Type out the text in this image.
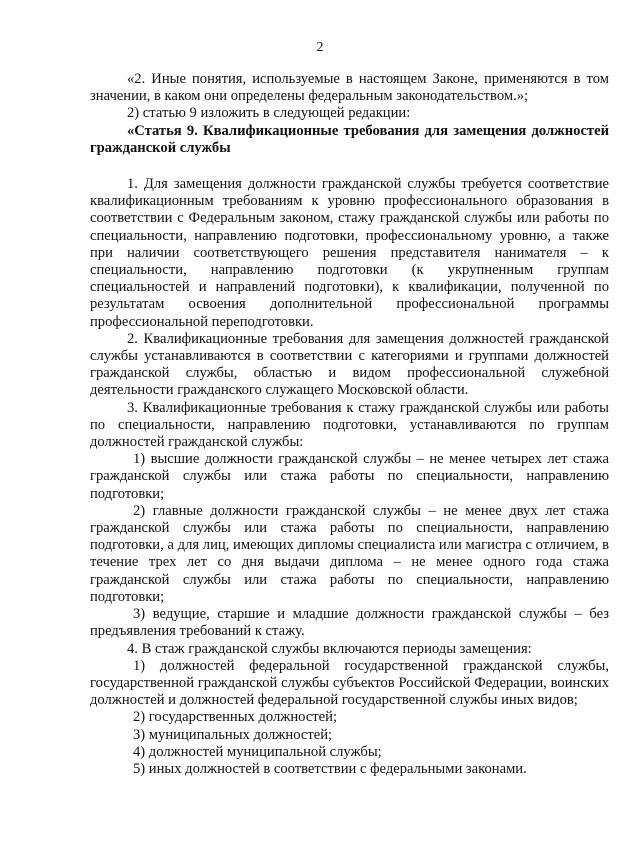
2

«2. Иные понятия, используемые в настоящем Законе, применяются в том значении, в каком они определены федеральным законодательством.»;

2) статью 9 изложить в следующей редакции:

«Статья 9. Квалификационные требования для замещения должностей гражданской службы

1. Для замещения должности гражданской службы требуется соответствие квалификационным требованиям к уровню профессионального образования в соответствии с Федеральным законом, стажу гражданской службы или работы по специальности, направлению подготовки, профессиональному уровню, а также при наличии соответствующего решения представителя нанимателя – к специальности, направлению подготовки (к укрупненным группам специальностей и направлений подготовки), к квалификации, полученной по результатам освоения дополнительной профессиональной программы профессиональной переподготовки.

2. Квалификационные требования для замещения должностей гражданской службы устанавливаются в соответствии с категориями и группами должностей гражданской службы, областью и видом профессиональной служебной деятельности гражданского служащего Московской области.

3. Квалификационные требования к стажу гражданской службы или работы по специальности, направлению подготовки, устанавливаются по группам должностей гражданской службы:

1) высшие должности гражданской службы – не менее четырех лет стажа гражданской службы или стажа работы по специальности, направлению подготовки;

2) главные должности гражданской службы – не менее двух лет стажа гражданской службы или стажа работы по специальности, направлению подготовки, а для лиц, имеющих дипломы специалиста или магистра с отличием, в течение трех лет со дня выдачи диплома – не менее одного года стажа гражданской службы или стажа работы по специальности, направлению подготовки;

3) ведущие, старшие и младшие должности гражданской службы – без предъявления требований к стажу.

4. В стаж гражданской службы включаются периоды замещения:

1) должностей федеральной государственной гражданской службы, государственной гражданской службы субъектов Российской Федерации, воинских должностей и должностей федеральной государственной службы иных видов;

2) государственных должностей;

3) муниципальных должностей;

4) должностей муниципальной службы;

5) иных должностей в соответствии с федеральными законами.
